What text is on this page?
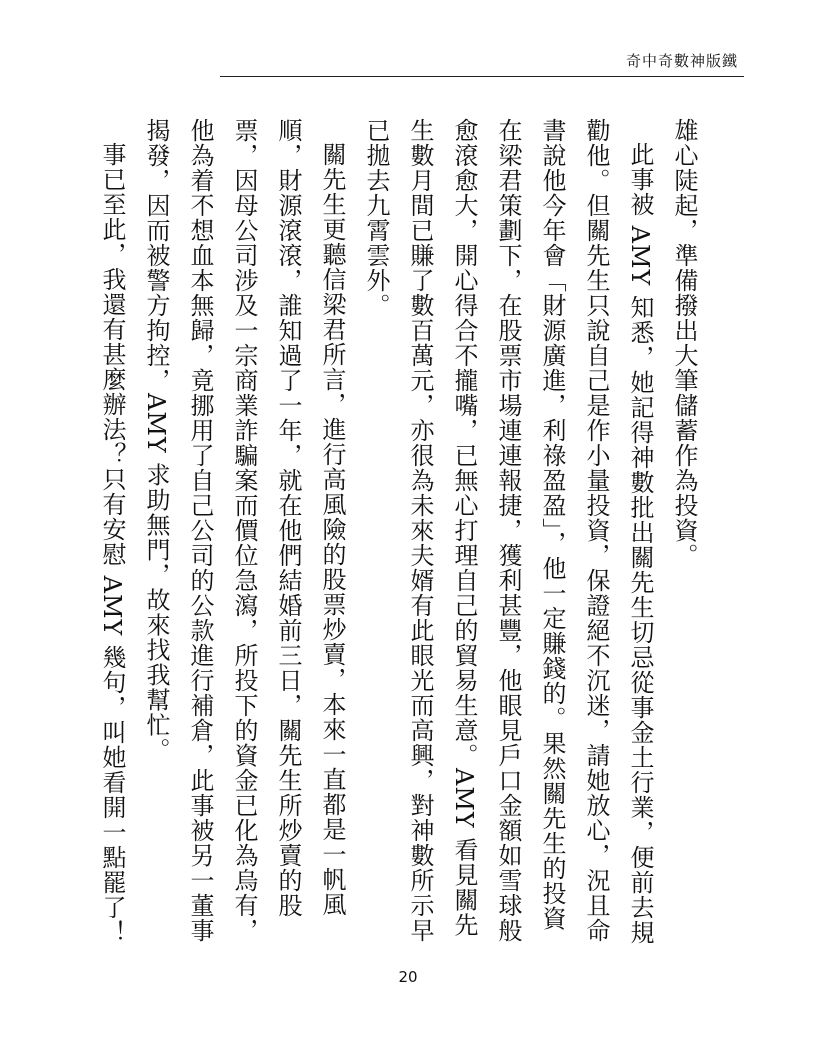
奇中奇數神版鐵

雄心陡起，準備撥出大筆儲蓄作為投資。

此事被 AMY 知悉，她記得神數批出關先生切忌從事金土行業，便前去規勸他。但關先生只說自己是作小量投資，保證絕不沉迷，請她放心，況且命書說他今年會「財源廣進，利祿盈盈」，他一定賺錢的。果然關先生的投資在梁君策劃下，在股票市場連連報捷，獲利甚豐，他眼見戶口金額如雪球般愈滾愈大，開心得合不攏嘴，已無心打理自己的貿易生意。AMY 看見關先生數月間已賺了數百萬元，亦很為未來夫婿有此眼光而高興，對神數所示早已拋去九霄雲外。

關先生更聽信梁君所言，進行高風險的股票炒賣，本來一直都是一帆風順，財源滾滾，誰知過了一年，就在他們結婚前三日，關先生所炒賣的股票，因母公司涉及一宗商業詐騙案而價位急瀉，所投下的資金已化為烏有，他為着不想血本無歸，竟挪用了自己公司的公款進行補倉，此事被另一董事揭發，因而被警方拘控，AMY 求助無門，故來找我幫忙。

事已至此，我還有甚麼辦法？只有安慰 AMY 幾句，叫她看開一點罷了！

20
